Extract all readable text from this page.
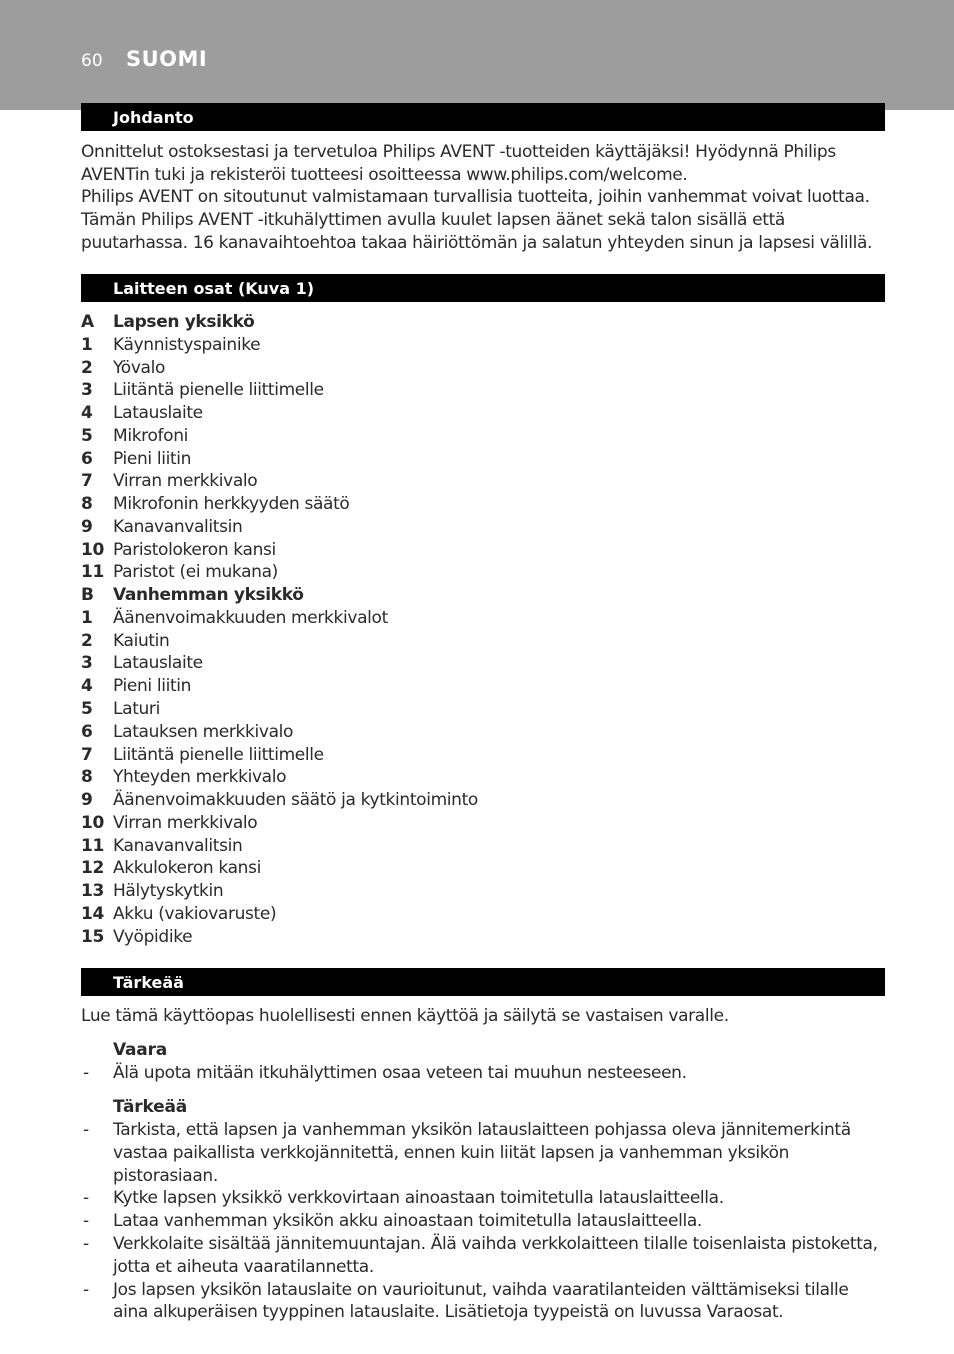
60 SUOMI
Johdanto

Onnittelut ostoksestasi ja tervetuloa Philips AVENT -tuotteiden käyttäjäksi! Hyödynnä Philips AVENTin tuki ja rekisteröi tuotteesi osoitteessa www.philips.com/welcome.

Philips AVENT on sitoutunut valmistamaan turvallisia tuotteita, joihin vanhemmat voivat luottaa. Tämän Philips AVENT -itkuhälyttimen avulla kuulet lapsen äänet sekä talon sisällä että puutarhassa. 16 kanavaihtoehtoa takaa häiriöttömän ja salatun yhteyden sinun ja lapsesi välillä.

Laitteen osat (Kuva 1)
A	Lapsen yksikkö
1	Käynnistyspainike
2	Yövalo
3	Liitäntä pienelle liittimelle
4	Latauslaite
5	Mikrofoni
6	Pieni liitin
7	Virran merkkivalo
8	Mikrofonin herkkyyden säätö
9	Kanavanvalitsin
10 Paristolokeron kansi
11 Paristot (ei mukana)
B	Vanhemman yksikkö
1	Äänenvoimakkuuden merkkivalot
2	Kaiutin
3	Latauslaite
4	Pieni liitin
5	Laturi
6	Latauksen merkkivalo
7	Liitäntä pienelle liittimelle
8	Yhteyden merkkivalo
9	Äänenvoimakkuuden säätö ja kytkintoiminto
10 Virran merkkivalo
11 Kanavanvalitsin
12 Akkulokeron kansi
13 Hälytyskytkin
14 Akku (vakiovaruste)
15 Vyöpidike
Tärkeää
Lue tämä käyttöopas huolellisesti ennen käyttöä ja säilytä se vastaisen varalle.
Vaara
-	Älä upota mitään itkuhälyttimen osaa veteen tai muuhun nesteeseen.
Tärkeää
-	Tarkista, että lapsen ja vanhemman yksikön latauslaitteen pohjassa oleva jännitemerkintä vastaa paikallista verkkojännitettä, ennen kuin liität lapsen ja vanhemman yksikön pistorasiaan.
-	Kytke lapsen yksikkö verkkovirtaan ainoastaan toimitetulla latauslaitteella.
-	Lataa vanhemman yksikön akku ainoastaan toimitetulla latauslaitteella.
-	Verkkolaite sisältää jännitemuuntajan. Älä vaihda verkkolaitteen tilalle toisenlaista pistoketta, jotta et aiheuta vaaratilannetta.
-	Jos lapsen yksikön latauslaite on vaurioitunut, vaihda vaaratilanteiden välttämiseksi tilalle aina alkuperäisen tyyppinen latauslaite. Lisätietoja tyypeistä on luvussa Varaosat.
